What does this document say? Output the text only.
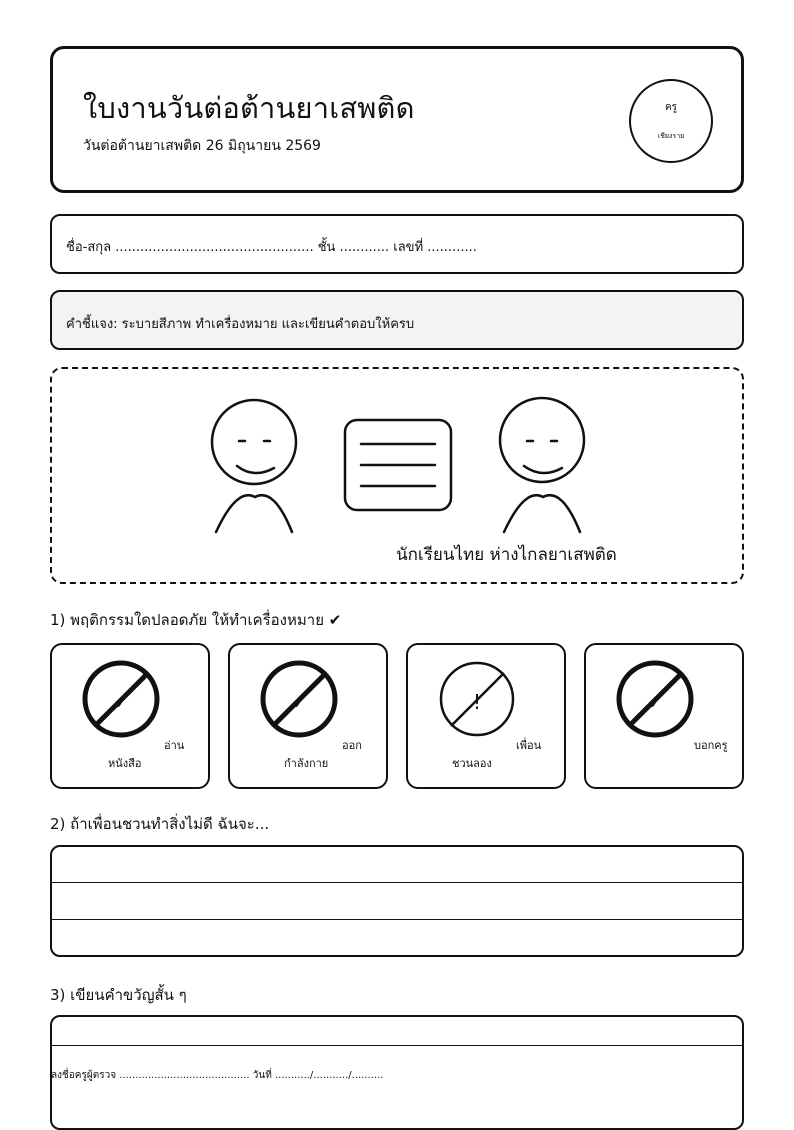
ใบงานวันต่อต้านยาเสพติด
วันต่อต้านยาเสพติด 26 มิถุนายน 2569
ครู
เชียงราย
ชื่อ-สกุล ................................................ ชั้น ............ เลขที่ ............
คำชี้แจง: ระบายสีภาพ ทำเครื่องหมาย และเขียนคำตอบให้ครบ
นักเรียนไทย ห่างไกลยาเสพติด
1) พฤติกรรมใดปลอดภัย ให้ทำเครื่องหมาย ✔
✓
อ่าน
หนังสือ
✓
ออก
กำลังกาย
!
เพื่อน
ชวนลอง
✓
บอกครู
2) ถ้าเพื่อนชวนทำสิ่งไม่ดี ฉันจะ...
3) เขียนคำขวัญสั้น ๆ
ลงชื่อครูผู้ตรวจ ......................................... วันที่ .........../.........../..........
